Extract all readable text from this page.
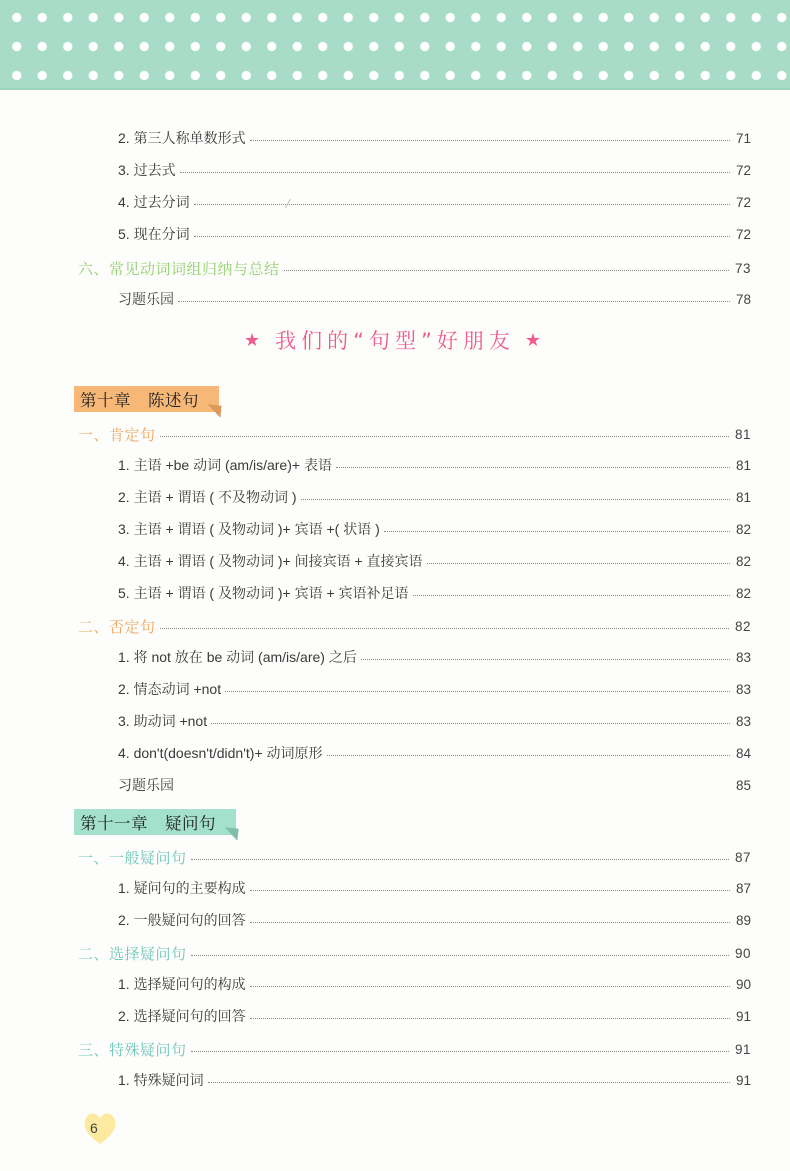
2. 第三人称单数形式	71
3. 过去式	72
4. 过去分词	72
5. 现在分词	72
六、常见动词词组归纳与总结	73
习题乐园	78
★ 我们的“句型”好朋友 ★
第十章　陈述句
一、肯定句	81
1. 主语 +be 动词 (am/is/are)+ 表语	81
2. 主语 + 谓语 ( 不及物动词 )	81
3. 主语 + 谓语 ( 及物动词 )+ 宾语 +( 状语 )	82
4. 主语 + 谓语 ( 及物动词 )+ 间接宾语 + 直接宾语	82
5. 主语 + 谓语 ( 及物动词 )+ 宾语 + 宾语补足语	82
二、否定句	82
1. 将 not 放在 be 动词 (am/is/are) 之后	83
2. 情态动词 +not	83
3. 助动词 +not	83
4. don't(doesn't/didn't)+ 动词原形	84
习题乐园	85
第十一章　疑问句
一、一般疑问句	87
1. 疑问句的主要构成	87
2. 一般疑问句的回答	89
二、选择疑问句	90
1. 选择疑问句的构成	90
2. 选择疑问句的回答	91
三、特殊疑问句	91
1. 特殊疑问词	91
6
